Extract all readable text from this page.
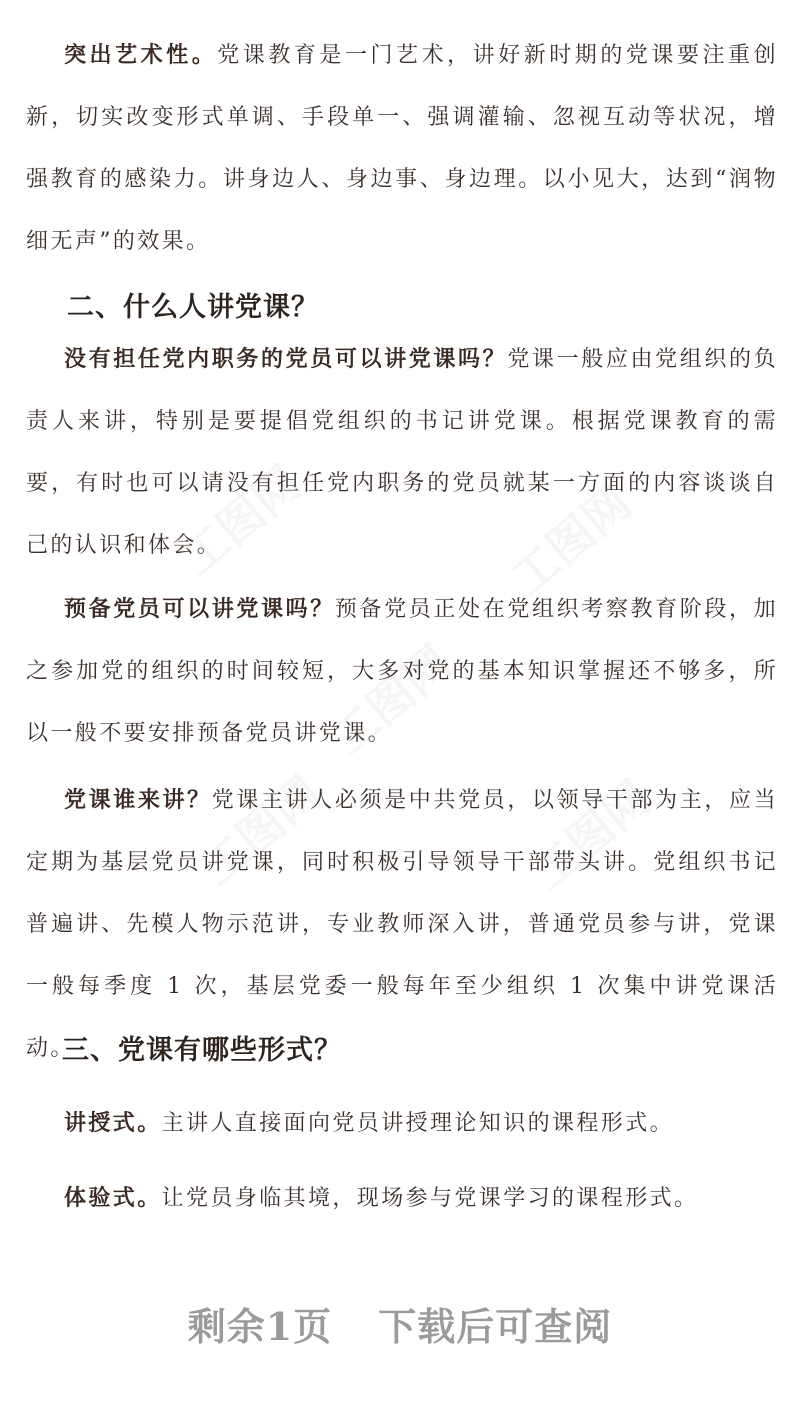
工图网	工图网
工图网
工图网	工图网

突出艺术性。党课教育是一门艺术，讲好新时期的党课要注重创新，切实改变形式单调、手段单一、强调灌输、忽视互动等状况，增强教育的感染力。讲身边人、身边事、身边理。以小见大，达到“润物细无声”的效果。

二、什么人讲党课？

没有担任党内职务的党员可以讲党课吗？党课一般应由党组织的负责人来讲，特别是要提倡党组织的书记讲党课。根据党课教育的需要，有时也可以请没有担任党内职务的党员就某一方面的内容谈谈自己的认识和体会。

预备党员可以讲党课吗？预备党员正处在党组织考察教育阶段，加之参加党的组织的时间较短，大多对党的基本知识掌握还不够多，所以一般不要安排预备党员讲党课。

党课谁来讲？党课主讲人必须是中共党员，以领导干部为主，应当定期为基层党员讲党课，同时积极引导领导干部带头讲。党组织书记普遍讲、先模人物示范讲，专业教师深入讲，普通党员参与讲，党课一般每季度 1 次，基层党委一般每年至少组织 1 次集中讲党课活动。

三、党课有哪些形式？

讲授式。主讲人直接面向党员讲授理论知识的课程形式。

体验式。让党员身临其境，现场参与党课学习的课程形式。

剩余1页 下载后可查阅
